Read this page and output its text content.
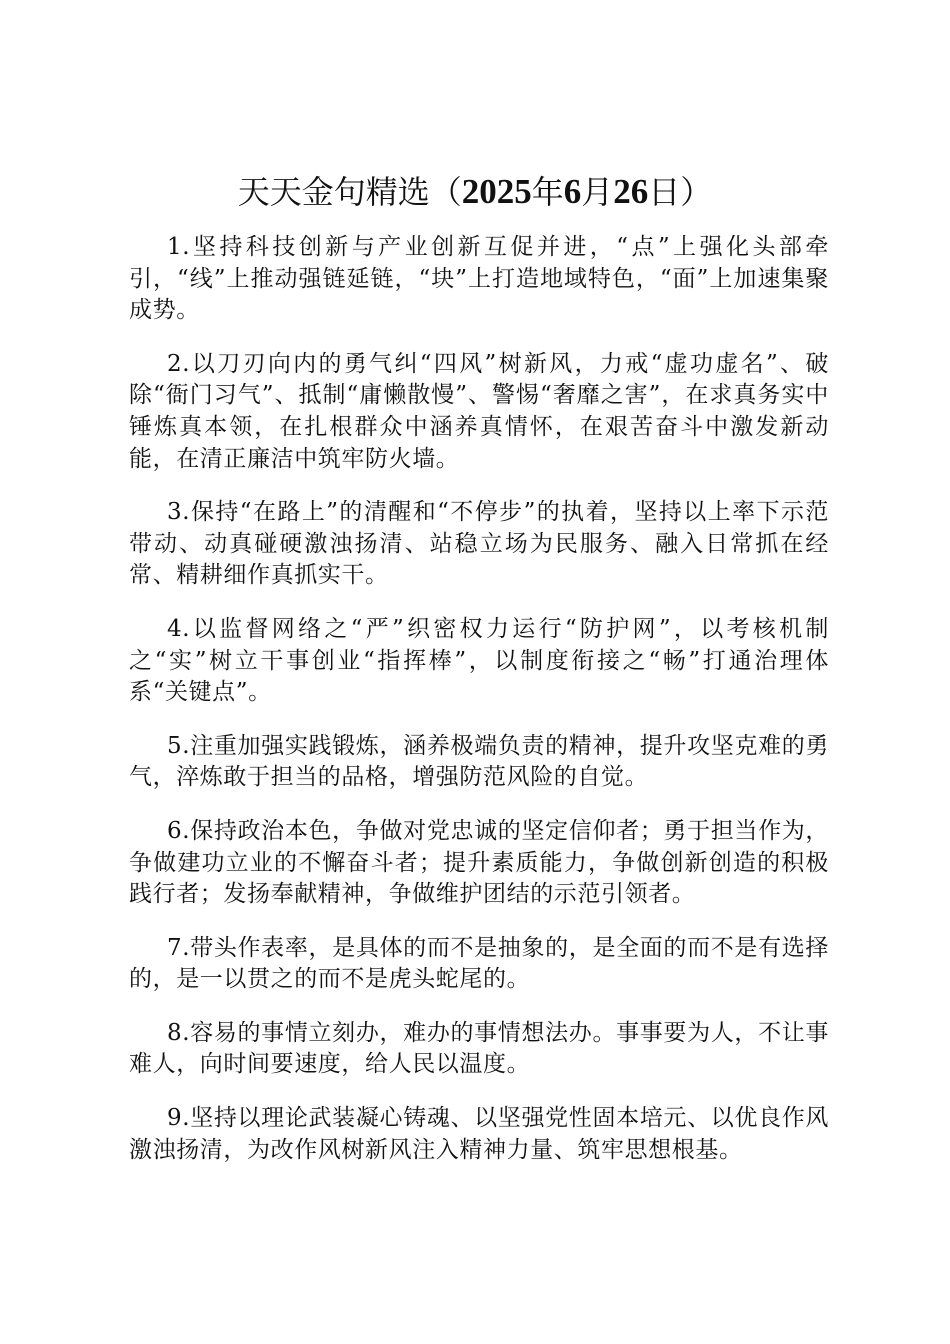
天天金句精选（2025年6月26日）

1.坚持科技创新与产业创新互促并进，“点”上强化头部牵引，“线”上推动强链延链，“块”上打造地域特色，“面”上加速集聚成势。

2.以刀刃向内的勇气纠“四风”树新风，力戒“虚功虚名”、破除“衙门习气”、抵制“庸懒散慢”、警惕“奢靡之害”，在求真务实中锤炼真本领，在扎根群众中涵养真情怀，在艰苦奋斗中激发新动能，在清正廉洁中筑牢防火墙。

3.保持“在路上”的清醒和“不停步”的执着，坚持以上率下示范带动、动真碰硬激浊扬清、站稳立场为民服务、融入日常抓在经常、精耕细作真抓实干。

4.以监督网络之“严”织密权力运行“防护网”，以考核机制之“实”树立干事创业“指挥棒”，以制度衔接之“畅”打通治理体系“关键点”。

5.注重加强实践锻炼，涵养极端负责的精神，提升攻坚克难的勇气，淬炼敢于担当的品格，增强防范风险的自觉。

6.保持政治本色，争做对党忠诚的坚定信仰者；勇于担当作为，争做建功立业的不懈奋斗者；提升素质能力，争做创新创造的积极践行者；发扬奉献精神，争做维护团结的示范引领者。

7.带头作表率，是具体的而不是抽象的，是全面的而不是有选择的，是一以贯之的而不是虎头蛇尾的。

8.容易的事情立刻办，难办的事情想法办。事事要为人，不让事难人，向时间要速度，给人民以温度。

9.坚持以理论武装凝心铸魂、以坚强党性固本培元、以优良作风激浊扬清，为改作风树新风注入精神力量、筑牢思想根基。
